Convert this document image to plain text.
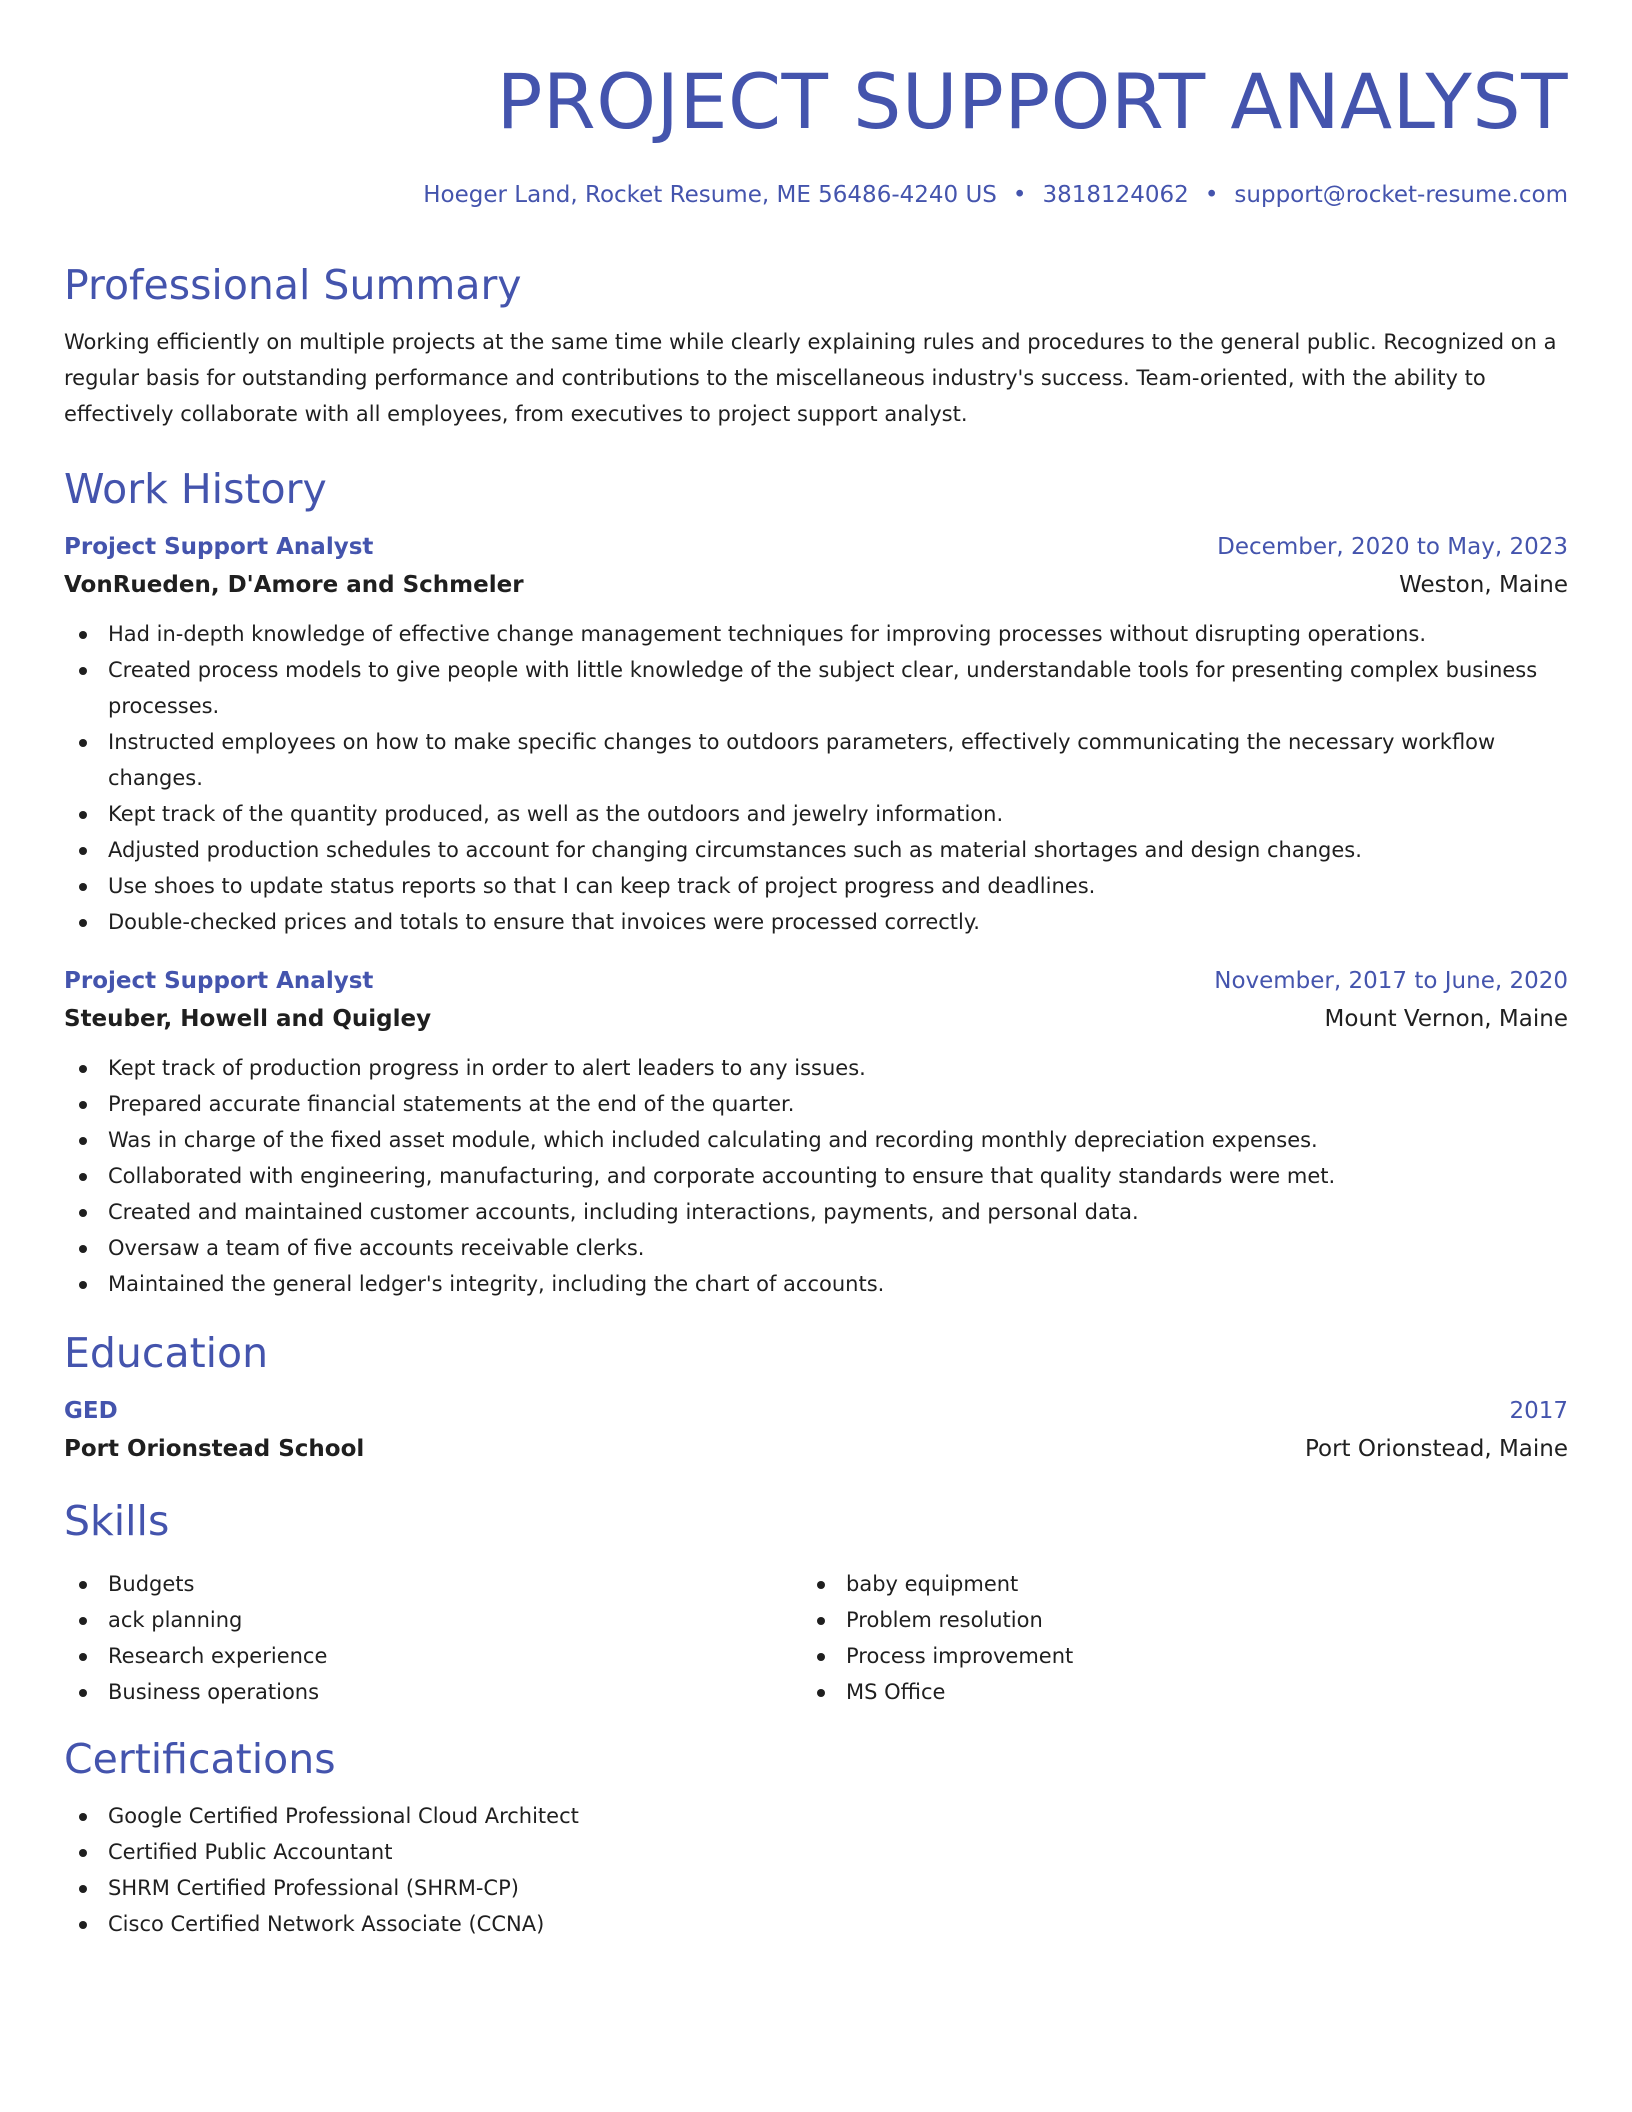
PROJECT SUPPORT ANALYST
Hoeger Land, Rocket Resume, ME 56486-4240 US • 3818124062 • support@rocket-resume.com
Professional Summary

Working efficiently on multiple projects at the same time while clearly explaining rules and procedures to the general public. Recognized on a regular basis for outstanding performance and contributions to the miscellaneous industry's success. Team-oriented, with the ability to effectively collaborate with all employees, from executives to project support analyst.

Work History
Project Support Analyst	December, 2020 to May, 2023
VonRueden, D'Amore and Schmeler	Weston, Maine
Had in-depth knowledge of effective change management techniques for improving processes without disrupting operations.
Created process models to give people with little knowledge of the subject clear, understandable tools for presenting complex business processes.
Instructed employees on how to make specific changes to outdoors parameters, effectively communicating the necessary workflow changes.
Kept track of the quantity produced, as well as the outdoors and jewelry information.
Adjusted production schedules to account for changing circumstances such as material shortages and design changes.
Use shoes to update status reports so that I can keep track of project progress and deadlines.
Double-checked prices and totals to ensure that invoices were processed correctly.
Project Support Analyst	November, 2017 to June, 2020
Steuber, Howell and Quigley	Mount Vernon, Maine
Kept track of production progress in order to alert leaders to any issues.
Prepared accurate financial statements at the end of the quarter.
Was in charge of the fixed asset module, which included calculating and recording monthly depreciation expenses.
Collaborated with engineering, manufacturing, and corporate accounting to ensure that quality standards were met.
Created and maintained customer accounts, including interactions, payments, and personal data.
Oversaw a team of five accounts receivable clerks.
Maintained the general ledger's integrity, including the chart of accounts.
Education
GED	2017
Port Orionstead School	Port Orionstead, Maine
Skills
Budgets
ack planning
Research experience
Business operations
baby equipment
Problem resolution
Process improvement
MS Office
Certifications
Google Certified Professional Cloud Architect
Certified Public Accountant
SHRM Certified Professional (SHRM-CP)
Cisco Certified Network Associate (CCNA)
